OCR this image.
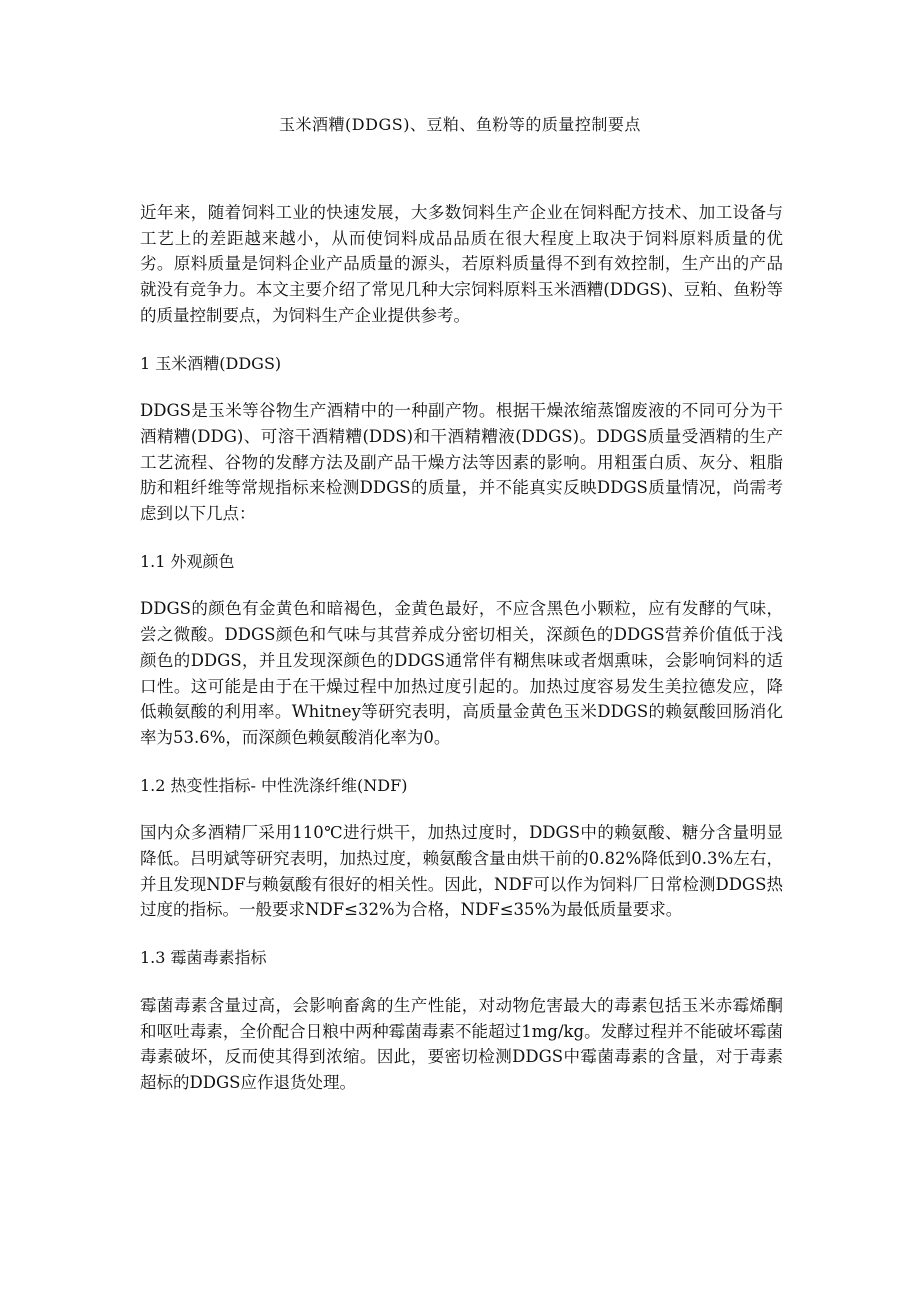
玉米酒糟(DDGS)、豆粕、鱼粉等的质量控制要点

近年来，随着饲料工业的快速发展，大多数饲料生产企业在饲料配方技术、加工设备与工艺上的差距越来越小，从而使饲料成品品质在很大程度上取决于饲料原料质量的优劣。原料质量是饲料企业产品质量的源头，若原料质量得不到有效控制，生产出的产品就没有竞争力。本文主要介绍了常见几种大宗饲料原料玉米酒糟(DDGS)、豆粕、鱼粉等的质量控制要点，为饲料生产企业提供参考。

1 玉米酒糟(DDGS)

DDGS是玉米等谷物生产酒精中的一种副产物。根据干燥浓缩蒸馏废液的不同可分为干酒精糟(DDG)、可溶干酒精糟(DDS)和干酒精糟液(DDGS)。DDGS质量受酒精的生产工艺流程、谷物的发酵方法及副产品干燥方法等因素的影响。用粗蛋白质、灰分、粗脂肪和粗纤维等常规指标来检测DDGS的质量，并不能真实反映DDGS质量情况，尚需考虑到以下几点：

1.1 外观颜色

DDGS的颜色有金黄色和暗褐色，金黄色最好，不应含黑色小颗粒，应有发酵的气味，尝之微酸。DDGS颜色和气味与其营养成分密切相关，深颜色的DDGS营养价值低于浅颜色的DDGS，并且发现深颜色的DDGS通常伴有糊焦味或者烟熏味，会影响饲料的适口性。这可能是由于在干燥过程中加热过度引起的。加热过度容易发生美拉德发应，降低赖氨酸的利用率。Whitney等研究表明，高质量金黄色玉米DDGS的赖氨酸回肠消化率为53.6%，而深颜色赖氨酸消化率为0。

1.2 热变性指标- 中性洗涤纤维(NDF)

国内众多酒精厂采用110℃进行烘干，加热过度时，DDGS中的赖氨酸、糖分含量明显降低。吕明斌等研究表明，加热过度，赖氨酸含量由烘干前的0.82%降低到0.3%左右，并且发现NDF与赖氨酸有很好的相关性。因此，NDF可以作为饲料厂日常检测DDGS热过度的指标。一般要求NDF≤32%为合格，NDF≤35%为最低质量要求。

1.3 霉菌毒素指标

霉菌毒素含量过高，会影响畜禽的生产性能，对动物危害最大的毒素包括玉米赤霉烯酮和呕吐毒素，全价配合日粮中两种霉菌毒素不能超过1mg/kg。发酵过程并不能破坏霉菌毒素破坏，反而使其得到浓缩。因此，要密切检测DDGS中霉菌毒素的含量，对于毒素超标的DDGS应作退货处理。
